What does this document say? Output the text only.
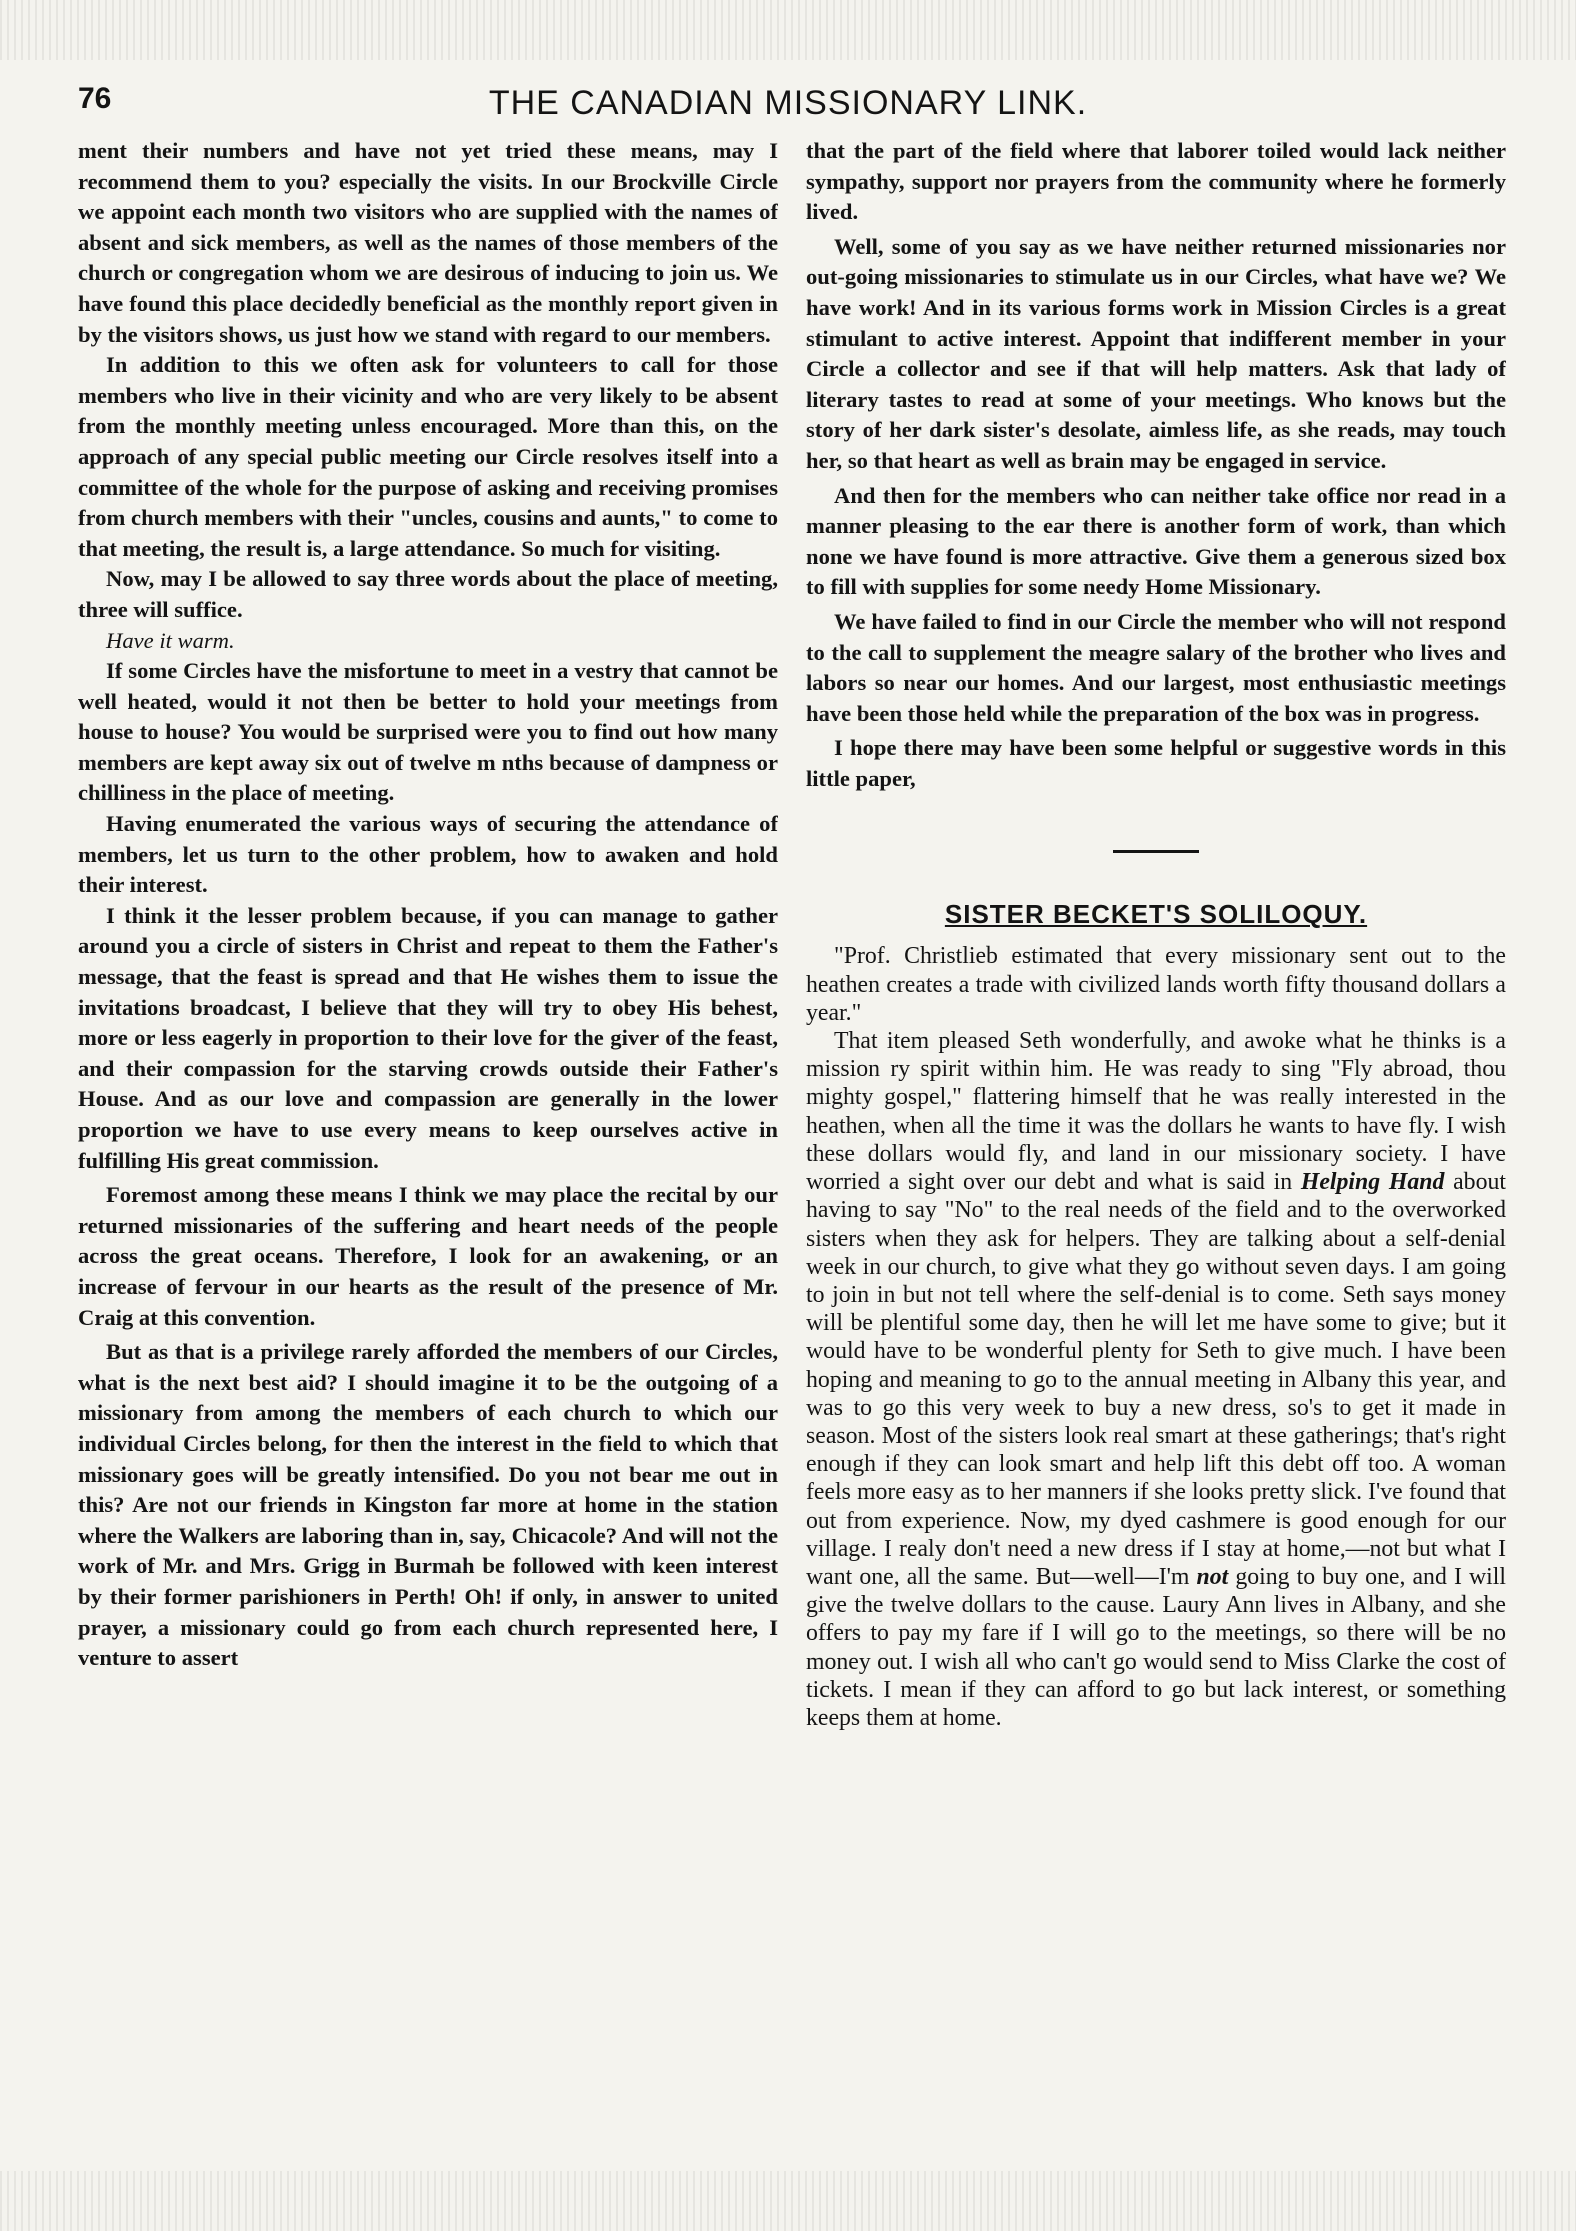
76	THE CANADIAN MISSIONARY LINK.

ment their numbers and have not yet tried these means, may I recommend them to you? especially the visits. In our Brockville Circle we appoint each month two visitors who are supplied with the names of absent and sick members, as well as the names of those members of the church or congregation whom we are desirous of inducing to join us. We have found this place decidedly beneficial as the monthly report given in by the visitors shows, us just how we stand with regard to our members.

In addition to this we often ask for volunteers to call for those members who live in their vicinity and who are very likely to be absent from the monthly meeting unless encouraged. More than this, on the approach of any special public meeting our Circle resolves itself into a committee of the whole for the purpose of asking and receiving promises from church members with their "uncles, cousins and aunts," to come to that meeting, the result is, a large attendance. So much for visiting.

Now, may I be allowed to say three words about the place of meeting, three will suffice.

Have it warm.

If some Circles have the misfortune to meet in a vestry that cannot be well heated, would it not then be better to hold your meetings from house to house? You would be surprised were you to find out how many members are kept away six out of twelve m nths because of dampness or chilliness in the place of meeting.

Having enumerated the various ways of securing the attendance of members, let us turn to the other problem, how to awaken and hold their interest.

I think it the lesser problem because, if you can manage to gather around you a circle of sisters in Christ and repeat to them the Father's message, that the feast is spread and that He wishes them to issue the invitations broadcast, I believe that they will try to obey His behest, more or less eagerly in proportion to their love for the giver of the feast, and their compassion for the starving crowds outside their Father's House. And as our love and compassion are generally in the lower proportion we have to use every means to keep ourselves active in fulfilling His great commission.

Foremost among these means I think we may place the recital by our returned missionaries of the suffering and heart needs of the people across the great oceans. Therefore, I look for an awakening, or an increase of fervour in our hearts as the result of the presence of Mr. Craig at this convention.

But as that is a privilege rarely afforded the members of our Circles, what is the next best aid? I should imagine it to be the outgoing of a missionary from among the members of each church to which our individual Circles belong, for then the interest in the field to which that missionary goes will be greatly intensified. Do you not bear me out in this? Are not our friends in Kingston far more at home in the station where the Walkers are laboring than in, say, Chicacole? And will not the work of Mr. and Mrs. Grigg in Burmah be followed with keen interest by their former parishioners in Perth! Oh! if only, in answer to united prayer, a missionary could go from each church represented here, I venture to assert

that the part of the field where that laborer toiled would lack neither sympathy, support nor prayers from the community where he formerly lived.

Well, some of you say as we have neither returned missionaries nor out-going missionaries to stimulate us in our Circles, what have we? We have work! And in its various forms work in Mission Circles is a great stimulant to active interest. Appoint that indifferent member in your Circle a collector and see if that will help matters. Ask that lady of literary tastes to read at some of your meetings. Who knows but the story of her dark sister's desolate, aimless life, as she reads, may touch her, so that heart as well as brain may be engaged in service.

And then for the members who can neither take office nor read in a manner pleasing to the ear there is another form of work, than which none we have found is more attractive. Give them a generous sized box to fill with supplies for some needy Home Missionary.

We have failed to find in our Circle the member who will not respond to the call to supplement the meagre salary of the brother who lives and labors so near our homes. And our largest, most enthusiastic meetings have been those held while the preparation of the box was in progress.

I hope there may have been some helpful or suggestive words in this little paper,

SISTER BECKET'S SOLILOQUY.

"Prof. Christlieb estimated that every missionary sent out to the heathen creates a trade with civilized lands worth fifty thousand dollars a year."

That item pleased Seth wonderfully, and awoke what he thinks is a mission ry spirit within him. He was ready to sing "Fly abroad, thou mighty gospel," flattering himself that he was really interested in the heathen, when all the time it was the dollars he wants to have fly. I wish these dollars would fly, and land in our missionary society. I have worried a sight over our debt and what is said in Helping Hand about having to say "No" to the real needs of the field and to the overworked sisters when they ask for helpers. They are talking about a self-denial week in our church, to give what they go without seven days. I am going to join in but not tell where the self-denial is to come. Seth says money will be plentiful some day, then he will let me have some to give; but it would have to be wonderful plenty for Seth to give much. I have been hoping and meaning to go to the annual meeting in Albany this year, and was to go this very week to buy a new dress, so's to get it made in season. Most of the sisters look real smart at these gatherings; that's right enough if they can look smart and help lift this debt off too. A woman feels more easy as to her manners if she looks pretty slick. I've found that out from experience. Now, my dyed cashmere is good enough for our village. I realy don't need a new dress if I stay at home,—not but what I want one, all the same. But—well—I'm not going to buy one, and I will give the twelve dollars to the cause. Laury Ann lives in Albany, and she offers to pay my fare if I will go to the meetings, so there will be no money out. I wish all who can't go would send to Miss Clarke the cost of tickets. I mean if they can afford to go but lack interest, or something keeps them at home.
